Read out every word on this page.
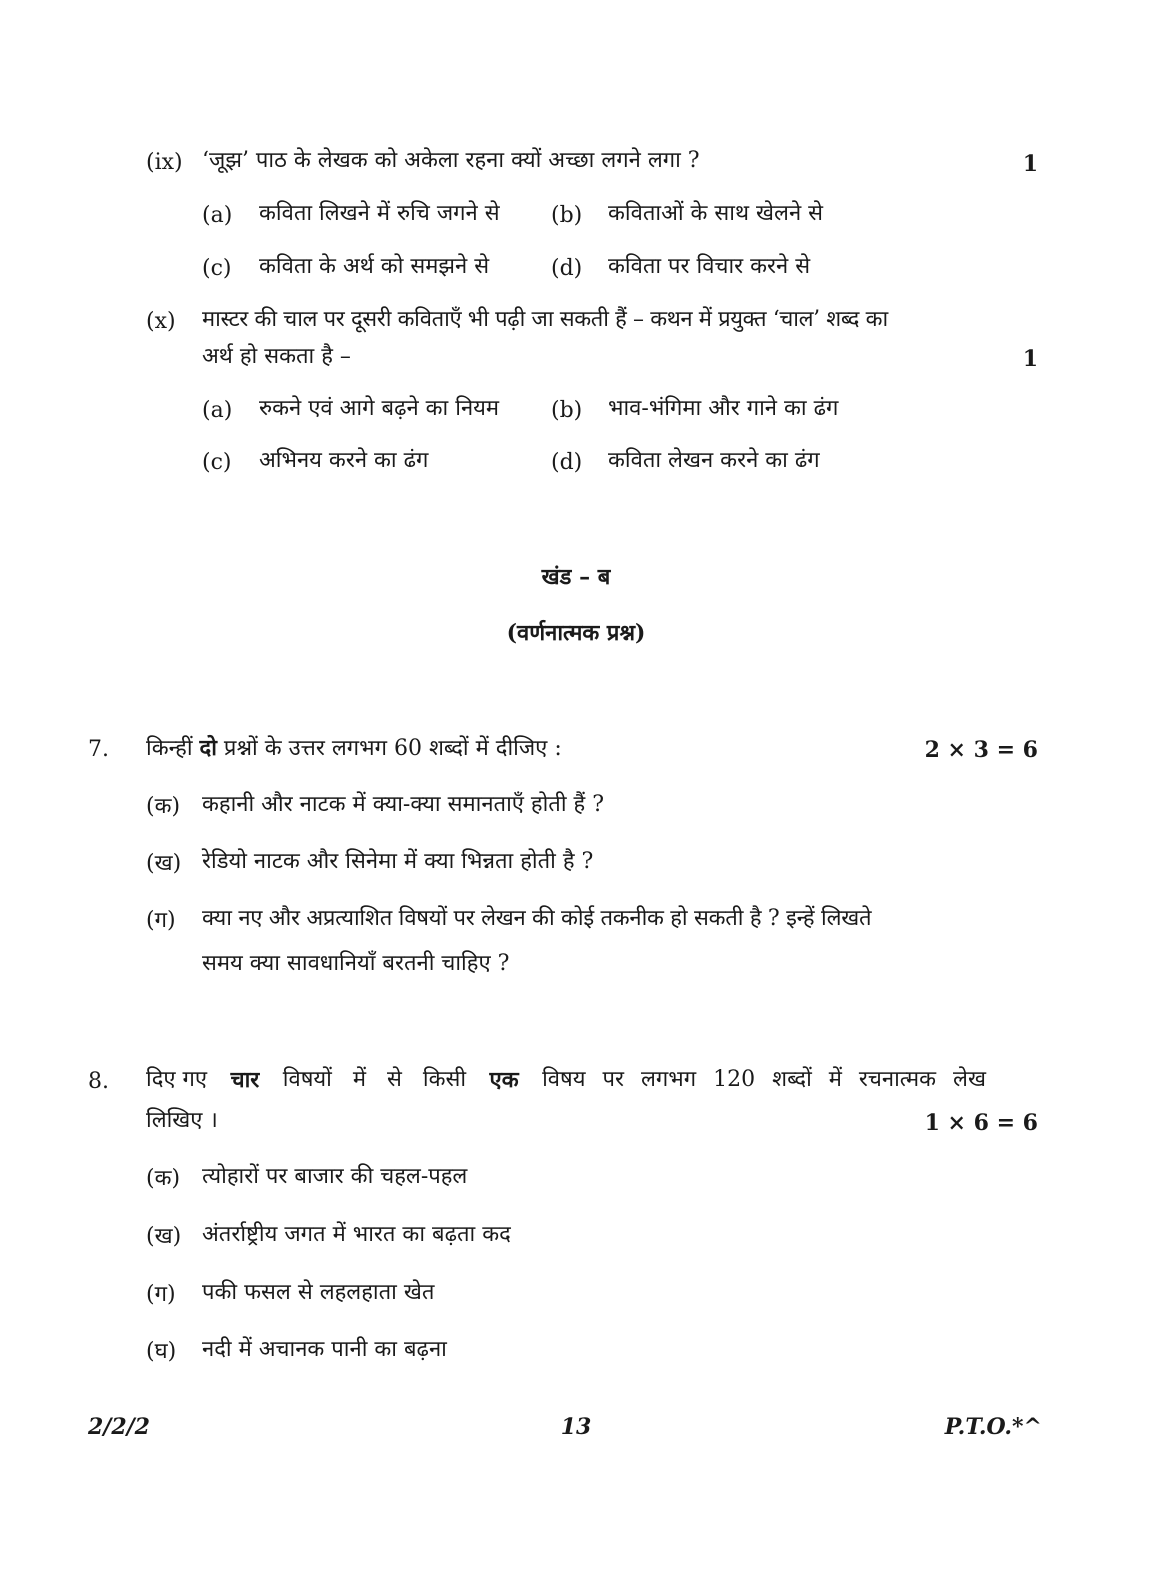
(ix) ‘जूझ’ पाठ के लेखक को अकेला रहना क्यों अच्छा लगने लगा ?	1
(a) कविता लिखने में रुचि जगने से (b) कविताओं के साथ खेलने से
(c) कविता के अर्थ को समझने से	(d) कविता पर विचार करने से
(x) मास्टर की चाल पर दूसरी कविताएँ भी पढ़ी जा सकती हैं – कथन में प्रयुक्त ‘चाल’ शब्द का
अर्थ हो सकता है –	1
(a) रुकने एवं आगे बढ़ने का नियम (b) भाव-भंगिमा और गाने का ढंग
(c) अभिनय करने का ढंग	(d) कविता लेखन करने का ढंग
खंड – ब
(वर्णनात्मक प्रश्न)
7. किन्हीं दो प्रश्नों के उत्तर लगभग 60 शब्दों में दीजिए :	2 × 3 = 6
(क) कहानी और नाटक में क्या-क्या समानताएँ होती हैं ?
(ख) रेडियो नाटक और सिनेमा में क्या भिन्नता होती है ?
(ग) क्या नए और अप्रत्याशित विषयों पर लेखन की कोई तकनीक हो सकती है ? इन्हें लिखते
समय क्या सावधानियाँ बरतनी चाहिए ?
8. दिए गए चार विषयों में से किसी एक विषय पर लगभग 120 शब्दों में रचनात्मक लेख
लिखिए ।	1 × 6 = 6
(क) त्योहारों पर बाजार की चहल-पहल
(ख) अंतर्राष्ट्रीय जगत में भारत का बढ़ता कद
(ग) पकी फसल से लहलहाता खेत
(घ) नदी में अचानक पानी का बढ़ना
2/2/2	13	P.T.O.*^
